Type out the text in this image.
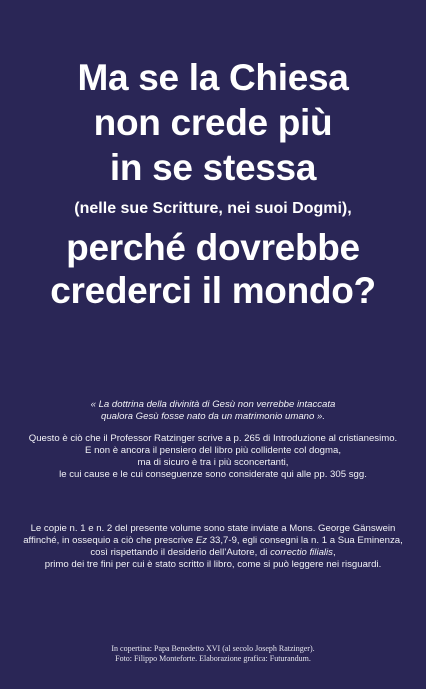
Ma se la Chiesa
non crede più
in se stessa
(nelle sue Scritture, nei suoi Dogmi),
perché dovrebbe
crederci il mondo?
« La dottrina della divinità di Gesù non verrebbe intaccata
qualora Gesù fosse nato da un matrimonio umano ».
Questo è ciò che il Professor Ratzinger scrive a p. 265 di Introduzione al cristianesimo.
E non è ancora il pensiero del libro più collidente col dogma,
ma di sicuro è tra i più sconcertanti,
le cui cause e le cui conseguenze sono considerate qui alle pp. 305 sgg.
Le copie n. 1 e n. 2 del presente volume sono state inviate a Mons. George Gänswein
affinché, in ossequio a ciò che prescrive Ez 33,7-9, egli consegni la n. 1 a Sua Eminenza,
così rispettando il desiderio dell’Autore, di correctio filialis,
primo dei tre fini per cui è stato scritto il libro, come si può leggere nei risguardi.
In copertina: Papa Benedetto XVI (al secolo Joseph Ratzinger).
Foto: Filippo Monteforte. Elaborazione grafica: Futurandum.
